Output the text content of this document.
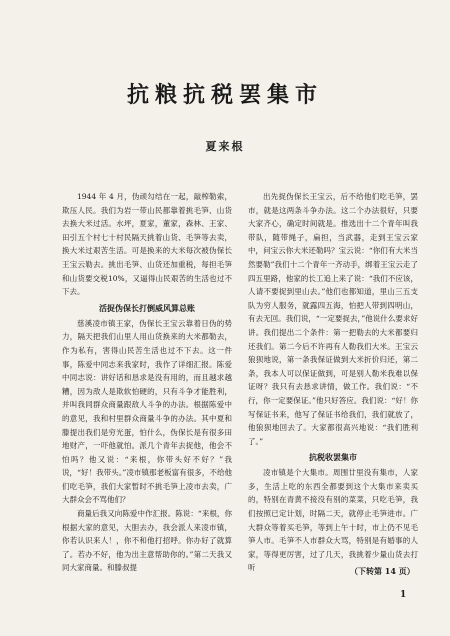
抗粮抗税罢集市
夏来根

1944 年 4 月，伪顽勾结在一起，敲榨勒索，欺压人民。我们为岩一带山民都靠着挑毛笋、山货去换大米过活。水坪，夏家，董家，森林、王家、田引五个村七十村民隔天挑着山货、毛笋等去卖，换大米过艰苦生活。可是换来的大米每次被伪保长王宝云勒去。挑出毛笋、山货还加重税，每担毛笋和山货要交税10%，又逼得山民艰苦的生活也过不下去。

活捉伪保长打倒威风算总账

慈溪凌市镇王家，伪保长王宝云靠着日伪的势力，隔天把我们山里人用山货换来的大米都勒去，作为私有，害得山民苦生活也过不下去。这一件事，陈爱中同志来我家时，我作了详细汇报。陈爱中同志说：讲好话和恳求是没有用的，而且越求越糟，因为敌人是欺软怕硬的，只有斗争才能胜利，并叫我同群众商量跟敌人斗争的办法。根据陈爱中的意见，我和村里群众商量斗争的办法。其中夏和滕提出我们是穷光蛋，怕什么，伪保长是有很多田地财产，一吓他就怕。派几个青年去捉他，他会不怕吗？他又说：“来根，你带头好不好？”我说，“好！我带头。”凌市镇那老板富有很多，不给他们吃毛笋，我们大家暂时不挑毛笋上凌市去卖，广大群众会不骂他们？

商量后我又向陈爱中作汇报。陈说：“来根，你根据大家的意见，大胆去办，我会派人来凌市镇，你若认识来人！，你不和他打招呼。你办好了就算了。若办不好，他为出主意帮助你的。”第二天我又同大家商量。和滕叔提

出先捉伪保长王宝云，后不给他们吃毛笋，罢市，就是这两条斗争办法。这二个办法很好，只要大家齐心，确定时间就是。推选出十二个青年叫我带队，随带绳子，扁担，当武器，走到王宝云家中，问宝云你大米还勒吗？宝云说：“你们有大米当然要勒”我们十二个青年一齐动手，绑着王宝云走了四五里路，他家的长工追上来了说：“我们不应该，人请不要捉到里山去。”他们也都知道，里山三五支队为穷人服务，就露四五海，怕把人带到四明山，有去无回。我们说，“一定要捉去，”他说什么要求好讲。我们提出二个条件：第一把勒去的大米都要归还我们。第二今后不许再有人勒我们大米。王宝云狼狈地说，第一条我保证做到大米折价归还，第二条，我本人可以保证做到，可是别人勒米我难以保证呀？我只有去恳求讲情，做工作。我们说：“不行，你一定要保证。”他只好答应。我们说：“好！你写保证书来，他写了保证书给我们，我们就放了，他狼狈地回去了。大家都很高兴地说：“我们胜利了。”

抗税收罢集市

凌市镇是个大集市。周围廿里没有集市，人家多，生活上吃的东西全都要到这个大集市来卖买的，特别在青黄不接没有别的菜菜，只吃毛笋，我们按照已定计划，时隔二天，就停止毛笋进市。广大群众等着买毛笋，等到上午十时，市上仍不见毛笋人市。毛笋不人市群众大骂，特别是有婚事的人家，等得更厉害，过了几天，我挑着少量山货去打听	（下转第 14 页）
1
